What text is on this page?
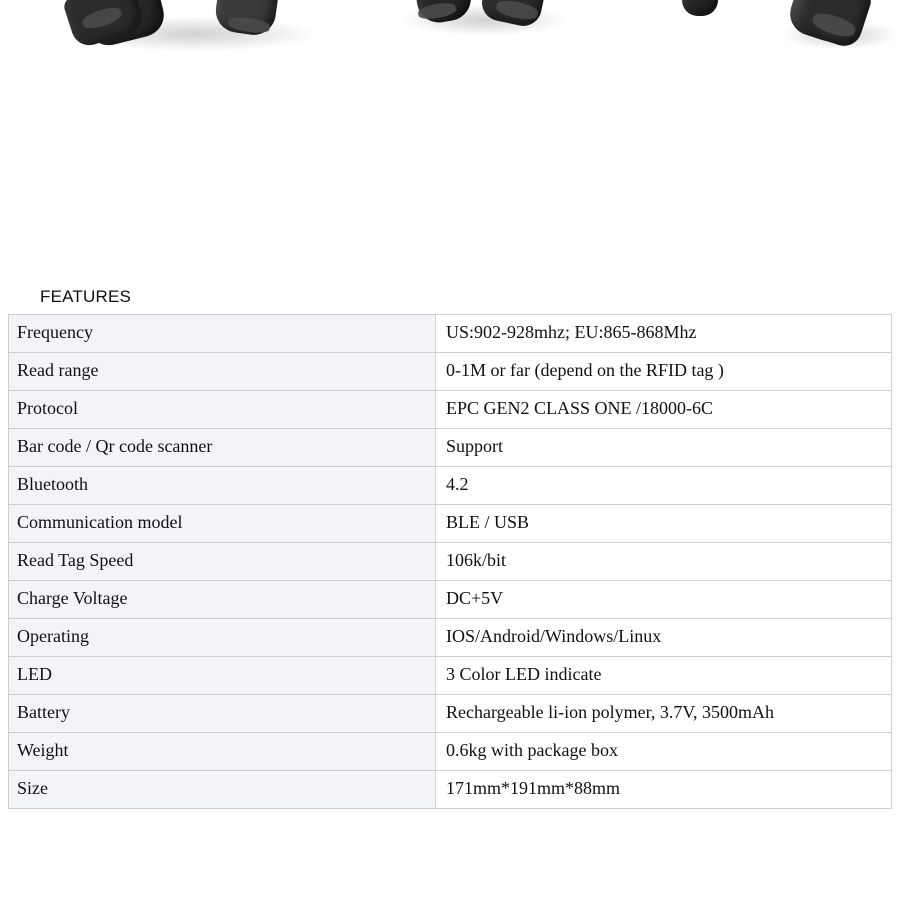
FEATURES
Frequency	US:902-928mhz; EU:865-868Mhz
Read range	0-1M or far (depend on the RFID tag )
Protocol	EPC GEN2 CLASS ONE /18000-6C
Bar code / Qr code scanner	Support
Bluetooth	4.2
Communication model	BLE / USB
Read Tag Speed	106k/bit
Charge Voltage	DC+5V
Operating	IOS/Android/Windows/Linux
LED	3 Color LED indicate
Battery	Rechargeable li-ion polymer, 3.7V, 3500mAh
Weight	0.6kg with package box
Size	171mm*191mm*88mm
